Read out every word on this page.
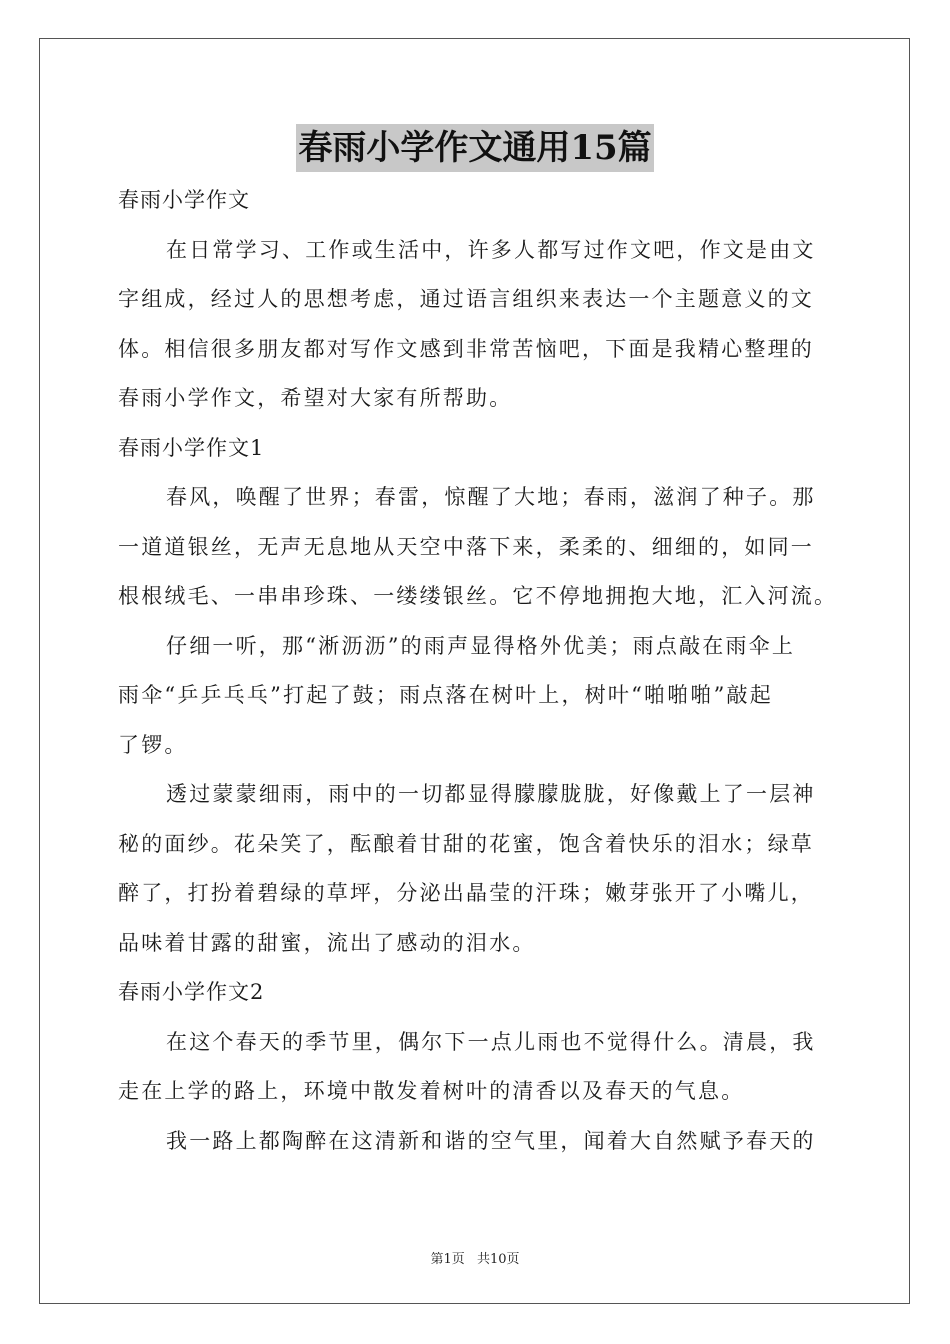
春雨小学作文通用15篇
春雨小学作文
在日常学习、工作或生活中，许多人都写过作文吧，作文是由文
字组成，经过人的思想考虑，通过语言组织来表达一个主题意义的文
体。相信很多朋友都对写作文感到非常苦恼吧，下面是我精心整理的
春雨小学作文，希望对大家有所帮助。
春雨小学作文1
春风，唤醒了世界；春雷，惊醒了大地；春雨，滋润了种子。那
一道道银丝，无声无息地从天空中落下来，柔柔的、细细的，如同一
根根绒毛、一串串珍珠、一缕缕银丝。它不停地拥抱大地，汇入河流。
仔细一听，那“淅沥沥”的雨声显得格外优美；雨点敲在雨伞上
雨伞“乒乒乓乓”打起了鼓；雨点落在树叶上，树叶“啪啪啪”敲起
了锣。
透过蒙蒙细雨，雨中的一切都显得朦朦胧胧，好像戴上了一层神
秘的面纱。花朵笑了，酝酿着甘甜的花蜜，饱含着快乐的泪水；绿草
醉了，打扮着碧绿的草坪，分泌出晶莹的汗珠；嫩芽张开了小嘴儿，
品味着甘露的甜蜜，流出了感动的泪水。
春雨小学作文2
在这个春天的季节里，偶尔下一点儿雨也不觉得什么。清晨，我
走在上学的路上，环境中散发着树叶的清香以及春天的气息。
我一路上都陶醉在这清新和谐的空气里，闻着大自然赋予春天的
第1页 共10页
